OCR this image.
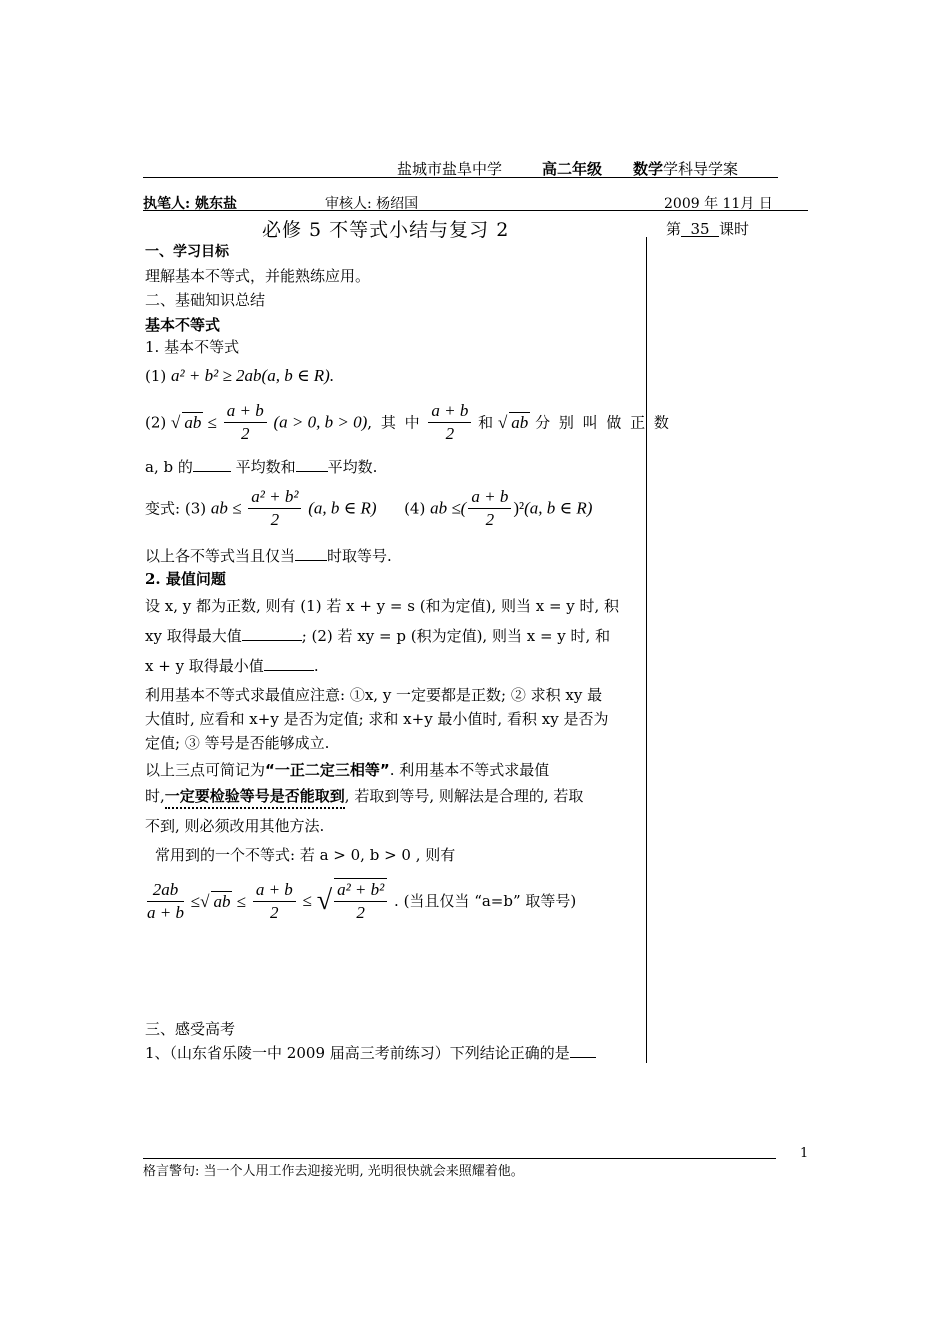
盐城市盐阜中学	高二年级 数学学科导学案
执笔人: 姚东盐	审核人: 杨绍国	2009 年 11月 日
必修 5 不等式小结与复习 2	第 35 课时
一、学习目标
理解基本不等式，并能熟练应用。
二、基础知识总结
基本不等式
1. 基本不等式
(1) a² + b² ≥ 2ab(a, b ∈ R).
(2) √ ab ≤ $\frac{a + b}{2} (a > 0$, b > 0), 其 中 $\frac{a + b}{2}$ 和 √ ab 分 别 叫 做 正 数
a, b 的	平均数和 平均数.
变式: (3) ab ≤ $\frac{\text{a² + b²}}{2} (a$, b ∈ R) (4) ab ≤( $\frac{a + b}{2} )^2(a$, b ∈ R)
以上各不等式当且仅当 时取等号.
2. 最值问题
设 x, y 都为正数, 则有 (1) 若 x + y = s (和为定值), 则当 x = y 时, 积
xy 取得最大值	; (2) 若 xy = p (积为定值), 则当 x = y 时, 和
x + y 取得最小值	.
利用基本不等式求最值应注意: ①x, y 一定要都是正数; ② 求积 xy 最
大值时, 应看和 x+y 是否为定值; 求和 x+y 最小值时, 看积 xy 是否为
定值; ③ 等号是否能够成立.
以上三点可简记为“一正二定三相等”. 利用基本不等式求最值
时,一定要检验等号是否能取到, 若取到等号, 则解法是合理的, 若取
不到, 则必须改用其他方法.
常用到的一个不等式: 若 a > 0, b > 0 , 则有
$\frac{2ab}{a + b}$ ≤√ ab ≤ $\frac{a + b}{2}$ ≤ √ $\frac{\text{a² + b²}}{2}$ . (当且仅当 “a=b” 取等号)
三、感受高考
1、（山东省乐陵一中 2009 届高三考前练习）下列结论正确的是
1
格言警句: 当一个人用工作去迎接光明, 光明很快就会来照耀着他。
